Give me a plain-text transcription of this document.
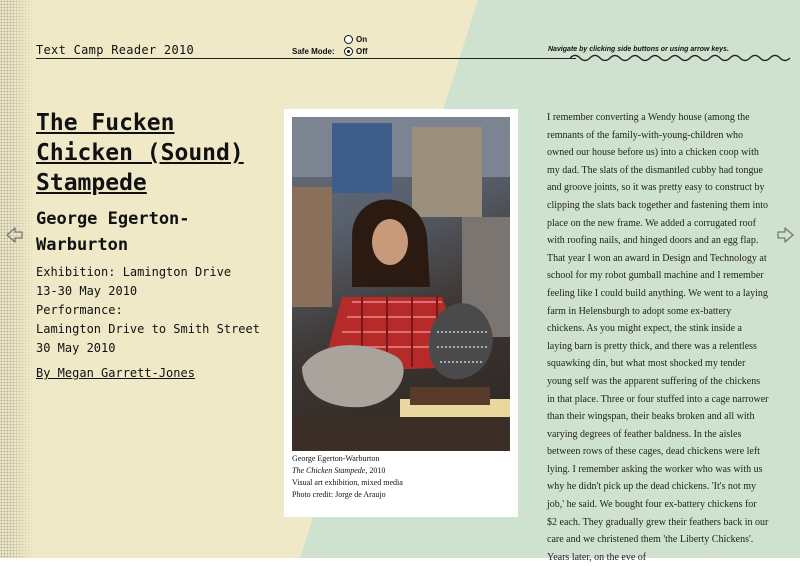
Text Camp Reader 2010	Safe Mode:
On
Off	Navigate by clicking side buttons or using arrow keys.
The Fucken Chicken (Sound) Stampede
George Egerton-Warburton
Exhibition: Lamington Drive
13-30 May 2010
Performance:
Lamington Drive to Smith Street
30 May 2010
By Megan Garrett-Jones
George Egerton-Warburton
The Chicken Stampede, 2010
Visual art exhibition, mixed media
Photo credit: Jorge de Araujo
I remember converting a Wendy house (among the remnants of the family-with-young-children who owned our house before us) into a chicken coop with my dad. The slats of the dismantled cubby had tongue and groove joints, so it was pretty easy to construct by clipping the slats back together and fastening them into place on the new frame. We added a corrugated roof with roofing nails, and hinged doors and an egg flap. That year I won an award in Design and Technology at school for my robot gumball machine and I remember feeling like I could build anything. We went to a laying farm in Helensburgh to adopt some ex-battery chickens. As you might expect, the stink inside a laying barn is pretty thick, and there was a relentless squawking din, but what most shocked my tender young self was the apparent suffering of the chickens in that place. Three or four stuffed into a cage narrower than their wingspan, their beaks broken and all with varying degrees of feather baldness. In the aisles between rows of these cages, dead chickens were left lying. I remember asking the worker who was with us why he didn't pick up the dead chickens. 'It's not my job,' he said. We bought four ex-battery chickens for $2 each. They gradually grew their feathers back in our care and we christened them 'the Liberty Chickens'. Years later, on the eve of
